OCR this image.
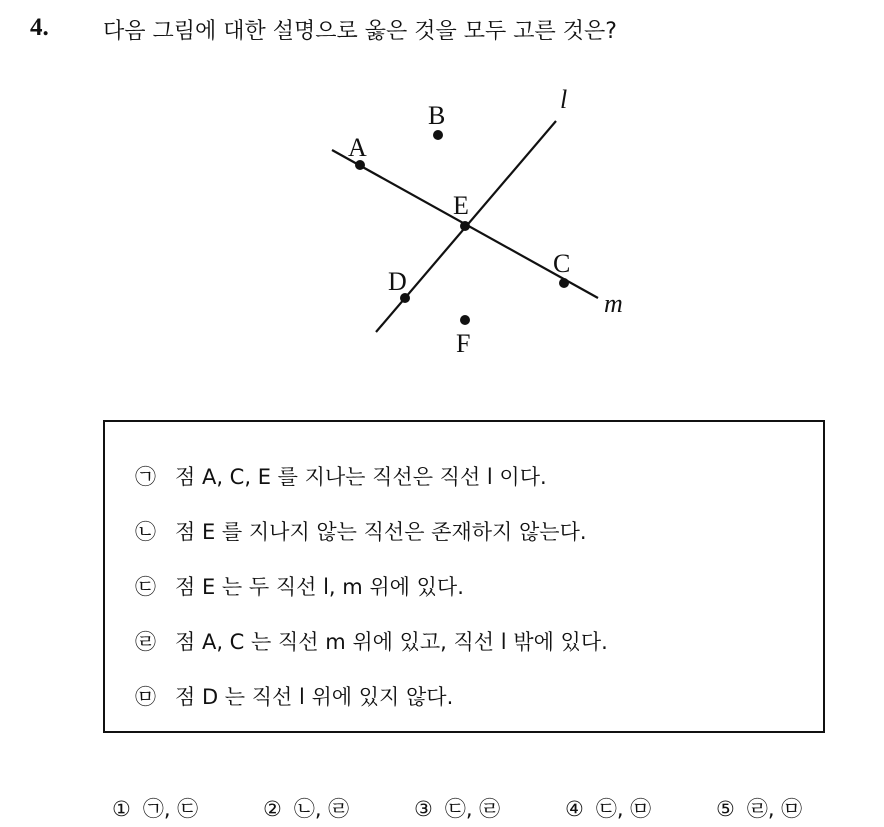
4. 다음 그림에 대한 설명으로 옳은 것을 모두 고른 것은?
A
B
C
D
E
F
l
m
㉠ 점 A, C, E 를 지나는 직선은 직선 l 이다.
㉡ 점 E 를 지나지 않는 직선은 존재하지 않는다.
㉢ 점 E 는 두 직선 l, m 위에 있다.
㉣ 점 A, C 는 직선 m 위에 있고, 직선 l 밖에 있다.
㉤ 점 D 는 직선 l 위에 있지 않다.
① ㉠, ㉢	② ㉡, ㉣	③ ㉢, ㉣	④ ㉢, ㉤	⑤ ㉣, ㉤
